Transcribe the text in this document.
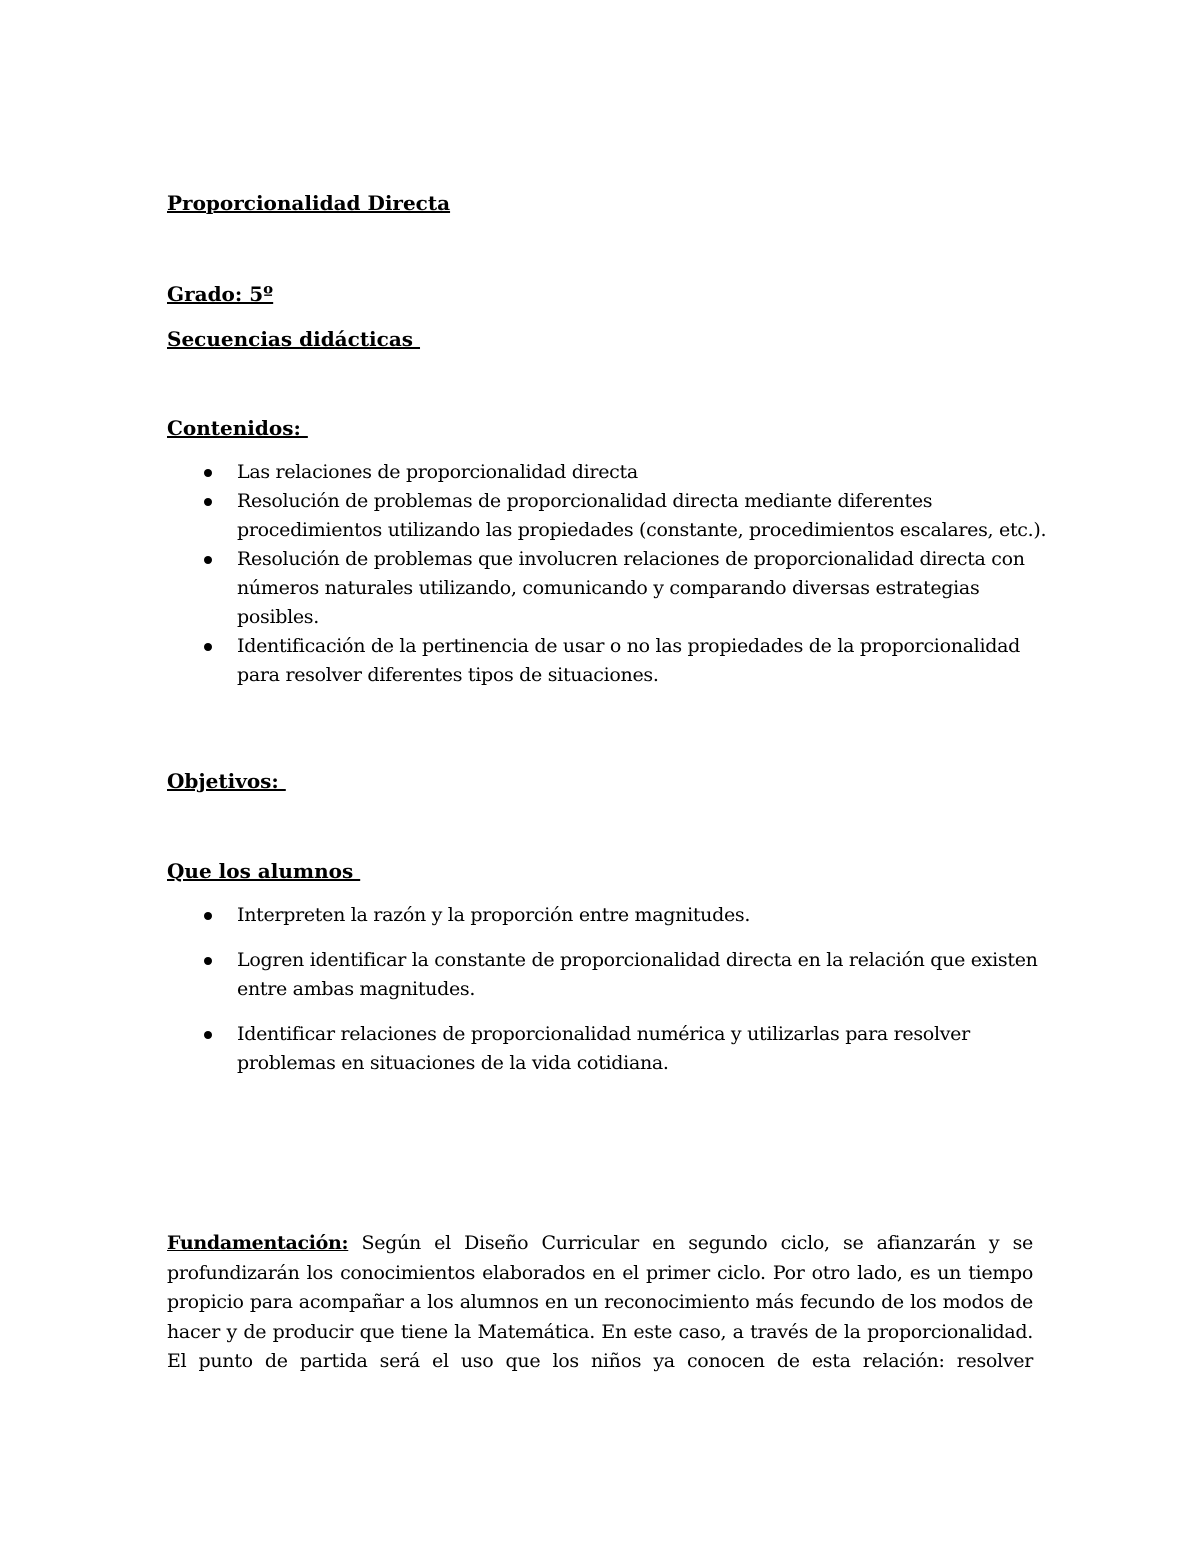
Proporcionalidad Directa
Grado: 5º
Secuencias didácticas
Contenidos:
Las relaciones de proporcionalidad directa
Resolución de problemas de proporcionalidad directa mediante diferentes procedimientos utilizando las propiedades (constante, procedimientos escalares, etc.).
Resolución de problemas que involucren relaciones de proporcionalidad directa con números naturales utilizando, comunicando y comparando diversas estrategias posibles.
Identificación de la pertinencia de usar o no las propiedades de la proporcionalidad para resolver diferentes tipos de situaciones.
Objetivos:
Que los alumnos
Interpreten la razón y la proporción entre magnitudes.
Logren identificar la constante de proporcionalidad directa en la relación que existen entre ambas magnitudes.
Identificar relaciones de proporcionalidad numérica y utilizarlas para resolver problemas en situaciones de la vida cotidiana.

Fundamentación: Según el Diseño Curricular en segundo ciclo, se afianzarán y se profundizarán los conocimientos elaborados en el primer ciclo. Por otro lado, es un tiempo propicio para acompañar a los alumnos en un reconocimiento más fecundo de los modos de hacer y de producir que tiene la Matemática. En este caso, a través de la proporcionalidad. El punto de partida será el uso que los niños ya conocen de esta relación: resolver
